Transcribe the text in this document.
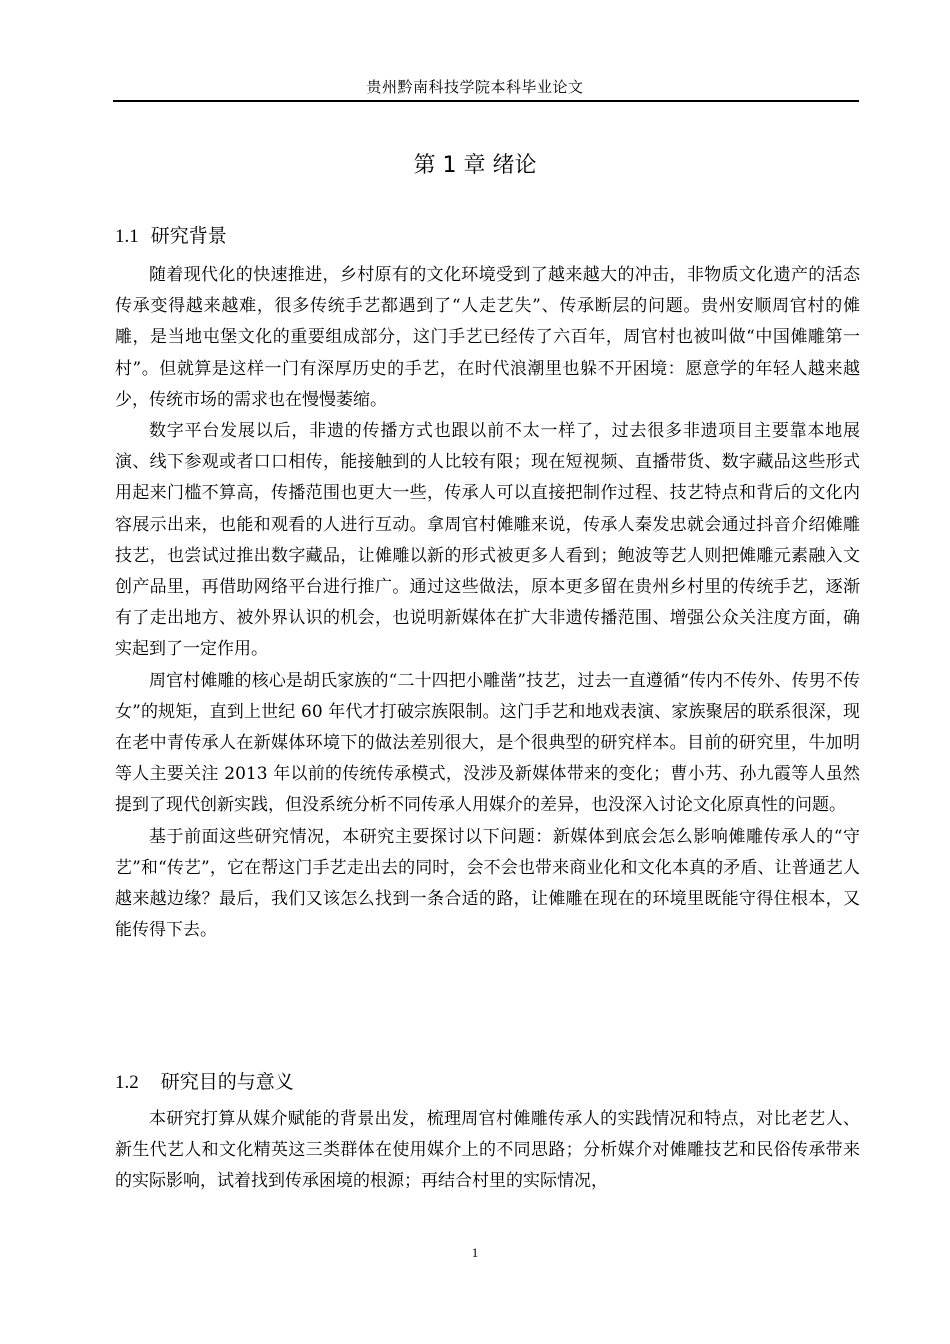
贵州黔南科技学院本科毕业论文
第 1 章 绪论
1.1 研究背景

随着现代化的快速推进，乡村原有的文化环境受到了越来越大的冲击，非物质文化遗产的活态传承变得越来越难，很多传统手艺都遇到了“人走艺失”、传承断层的问题。贵州安顺周官村的傩雕，是当地屯堡文化的重要组成部分，这门手艺已经传了六百年，周官村也被叫做“中国傩雕第一村”。但就算是这样一门有深厚历史的手艺，在时代浪潮里也躲不开困境：愿意学的年轻人越来越少，传统市场的需求也在慢慢萎缩。

数字平台发展以后，非遗的传播方式也跟以前不太一样了，过去很多非遗项目主要靠本地展演、线下参观或者口口相传，能接触到的人比较有限；现在短视频、直播带货、数字藏品这些形式用起来门槛不算高，传播范围也更大一些，传承人可以直接把制作过程、技艺特点和背后的文化内容展示出来，也能和观看的人进行互动。拿周官村傩雕来说，传承人秦发忠就会通过抖音介绍傩雕技艺，也尝试过推出数字藏品，让傩雕以新的形式被更多人看到；鲍波等艺人则把傩雕元素融入文创产品里，再借助网络平台进行推广。通过这些做法，原本更多留在贵州乡村里的传统手艺，逐渐有了走出地方、被外界认识的机会，也说明新媒体在扩大非遗传播范围、增强公众关注度方面，确实起到了一定作用。

周官村傩雕的核心是胡氏家族的“二十四把小雕凿”技艺，过去一直遵循“传内不传外、传男不传女”的规矩，直到上世纪 60 年代才打破宗族限制。这门手艺和地戏表演、家族聚居的联系很深，现在老中青传承人在新媒体环境下的做法差别很大，是个很典型的研究样本。目前的研究里，牛加明等人主要关注 2013 年以前的传统传承模式，没涉及新媒体带来的变化；曹小艿、孙九霞等人虽然提到了现代创新实践，但没系统分析不同传承人用媒介的差异，也没深入讨论文化原真性的问题。

基于前面这些研究情况，本研究主要探讨以下问题：新媒体到底会怎么影响傩雕传承人的“守艺”和“传艺”，它在帮这门手艺走出去的同时，会不会也带来商业化和文化本真的矛盾、让普通艺人越来越边缘？最后，我们又该怎么找到一条合适的路，让傩雕在现在的环境里既能守得住根本，又能传得下去。

1.2 研究目的与意义

本研究打算从媒介赋能的背景出发，梳理周官村傩雕传承人的实践情况和特点，对比老艺人、新生代艺人和文化精英这三类群体在使用媒介上的不同思路；分析媒介对傩雕技艺和民俗传承带来的实际影响，试着找到传承困境的根源；再结合村里的实际情况，

1
